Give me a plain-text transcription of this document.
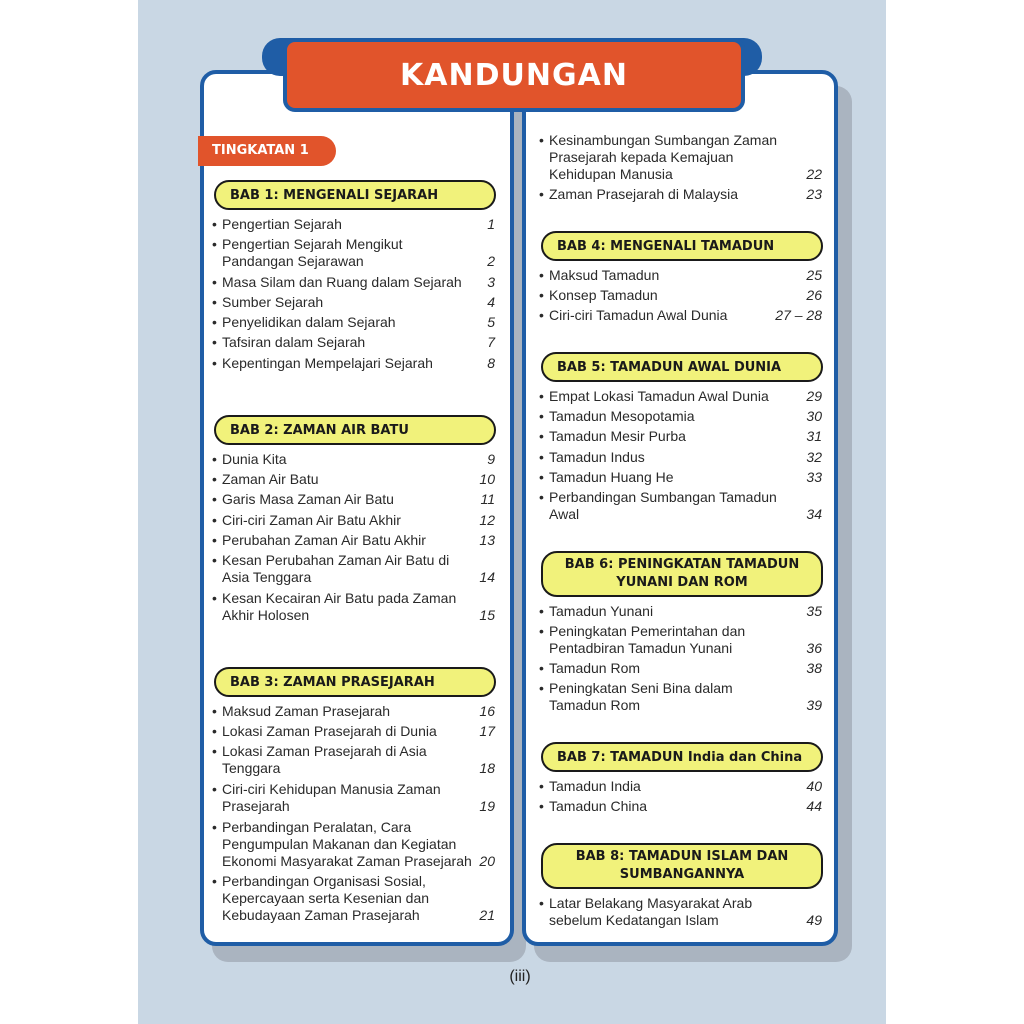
KANDUNGAN
TINGKATAN 1
BAB 1: MENGENALI SEJARAH
BAB 2: ZAMAN AIR BATU
BAB 3: ZAMAN PRASEJARAH
BAB 4: MENGENALI TAMADUN
BAB 5: TAMADUN AWAL DUNIA
BAB 6: PENINGKATAN TAMADUN
YUNANI DAN ROM
BAB 7: TAMADUN India dan China
BAB 8: TAMADUN ISLAM DAN
SUMBANGANNYA
• Pengertian Sejarah	1
• Pengertian Sejarah Mengikut
Pandangan Sejarawan	2
• Masa Silam dan Ruang dalam Sejarah 3
• Sumber Sejarah	4
• Penyelidikan dalam Sejarah	5
• Tafsiran dalam Sejarah	7
• Kepentingan Mempelajari Sejarah	8
• Dunia Kita	9
• Zaman Air Batu	10
• Garis Masa Zaman Air Batu	11
• Ciri-ciri Zaman Air Batu Akhir	12
• Perubahan Zaman Air Batu Akhir	13
• Kesan Perubahan Zaman Air Batu di
Asia Tenggara	14
• Kesan Kecairan Air Batu pada Zaman
Akhir Holosen	15
• Maksud Zaman Prasejarah	16
• Lokasi Zaman Prasejarah di Dunia	17
• Lokasi Zaman Prasejarah di Asia
Tenggara	18
• Ciri-ciri Kehidupan Manusia Zaman
Prasejarah	19
• Perbandingan Peralatan, Cara
Pengumpulan Makanan dan Kegiatan
Ekonomi Masyarakat Zaman Prasejarah 20
• Perbandingan Organisasi Sosial,
Kepercayaan serta Kesenian dan
Kebudayaan Zaman Prasejarah	21
• Kesinambungan Sumbangan Zaman
Prasejarah kepada Kemajuan
Kehidupan Manusia	22
• Zaman Prasejarah di Malaysia	23
• Maksud Tamadun	25
• Konsep Tamadun	26
• Ciri-ciri Tamadun Awal Dunia	27 – 28
• Empat Lokasi Tamadun Awal Dunia	29
• Tamadun Mesopotamia	30
• Tamadun Mesir Purba	31
• Tamadun Indus	32
• Tamadun Huang He	33
• Perbandingan Sumbangan Tamadun
Awal	34
• Tamadun Yunani	35
• Peningkatan Pemerintahan dan
Pentadbiran Tamadun Yunani	36
• Tamadun Rom	38
• Peningkatan Seni Bina dalam
Tamadun Rom	39
• Tamadun India	40
• Tamadun China	44
• Latar Belakang Masyarakat Arab
sebelum Kedatangan Islam	49
(iii)
